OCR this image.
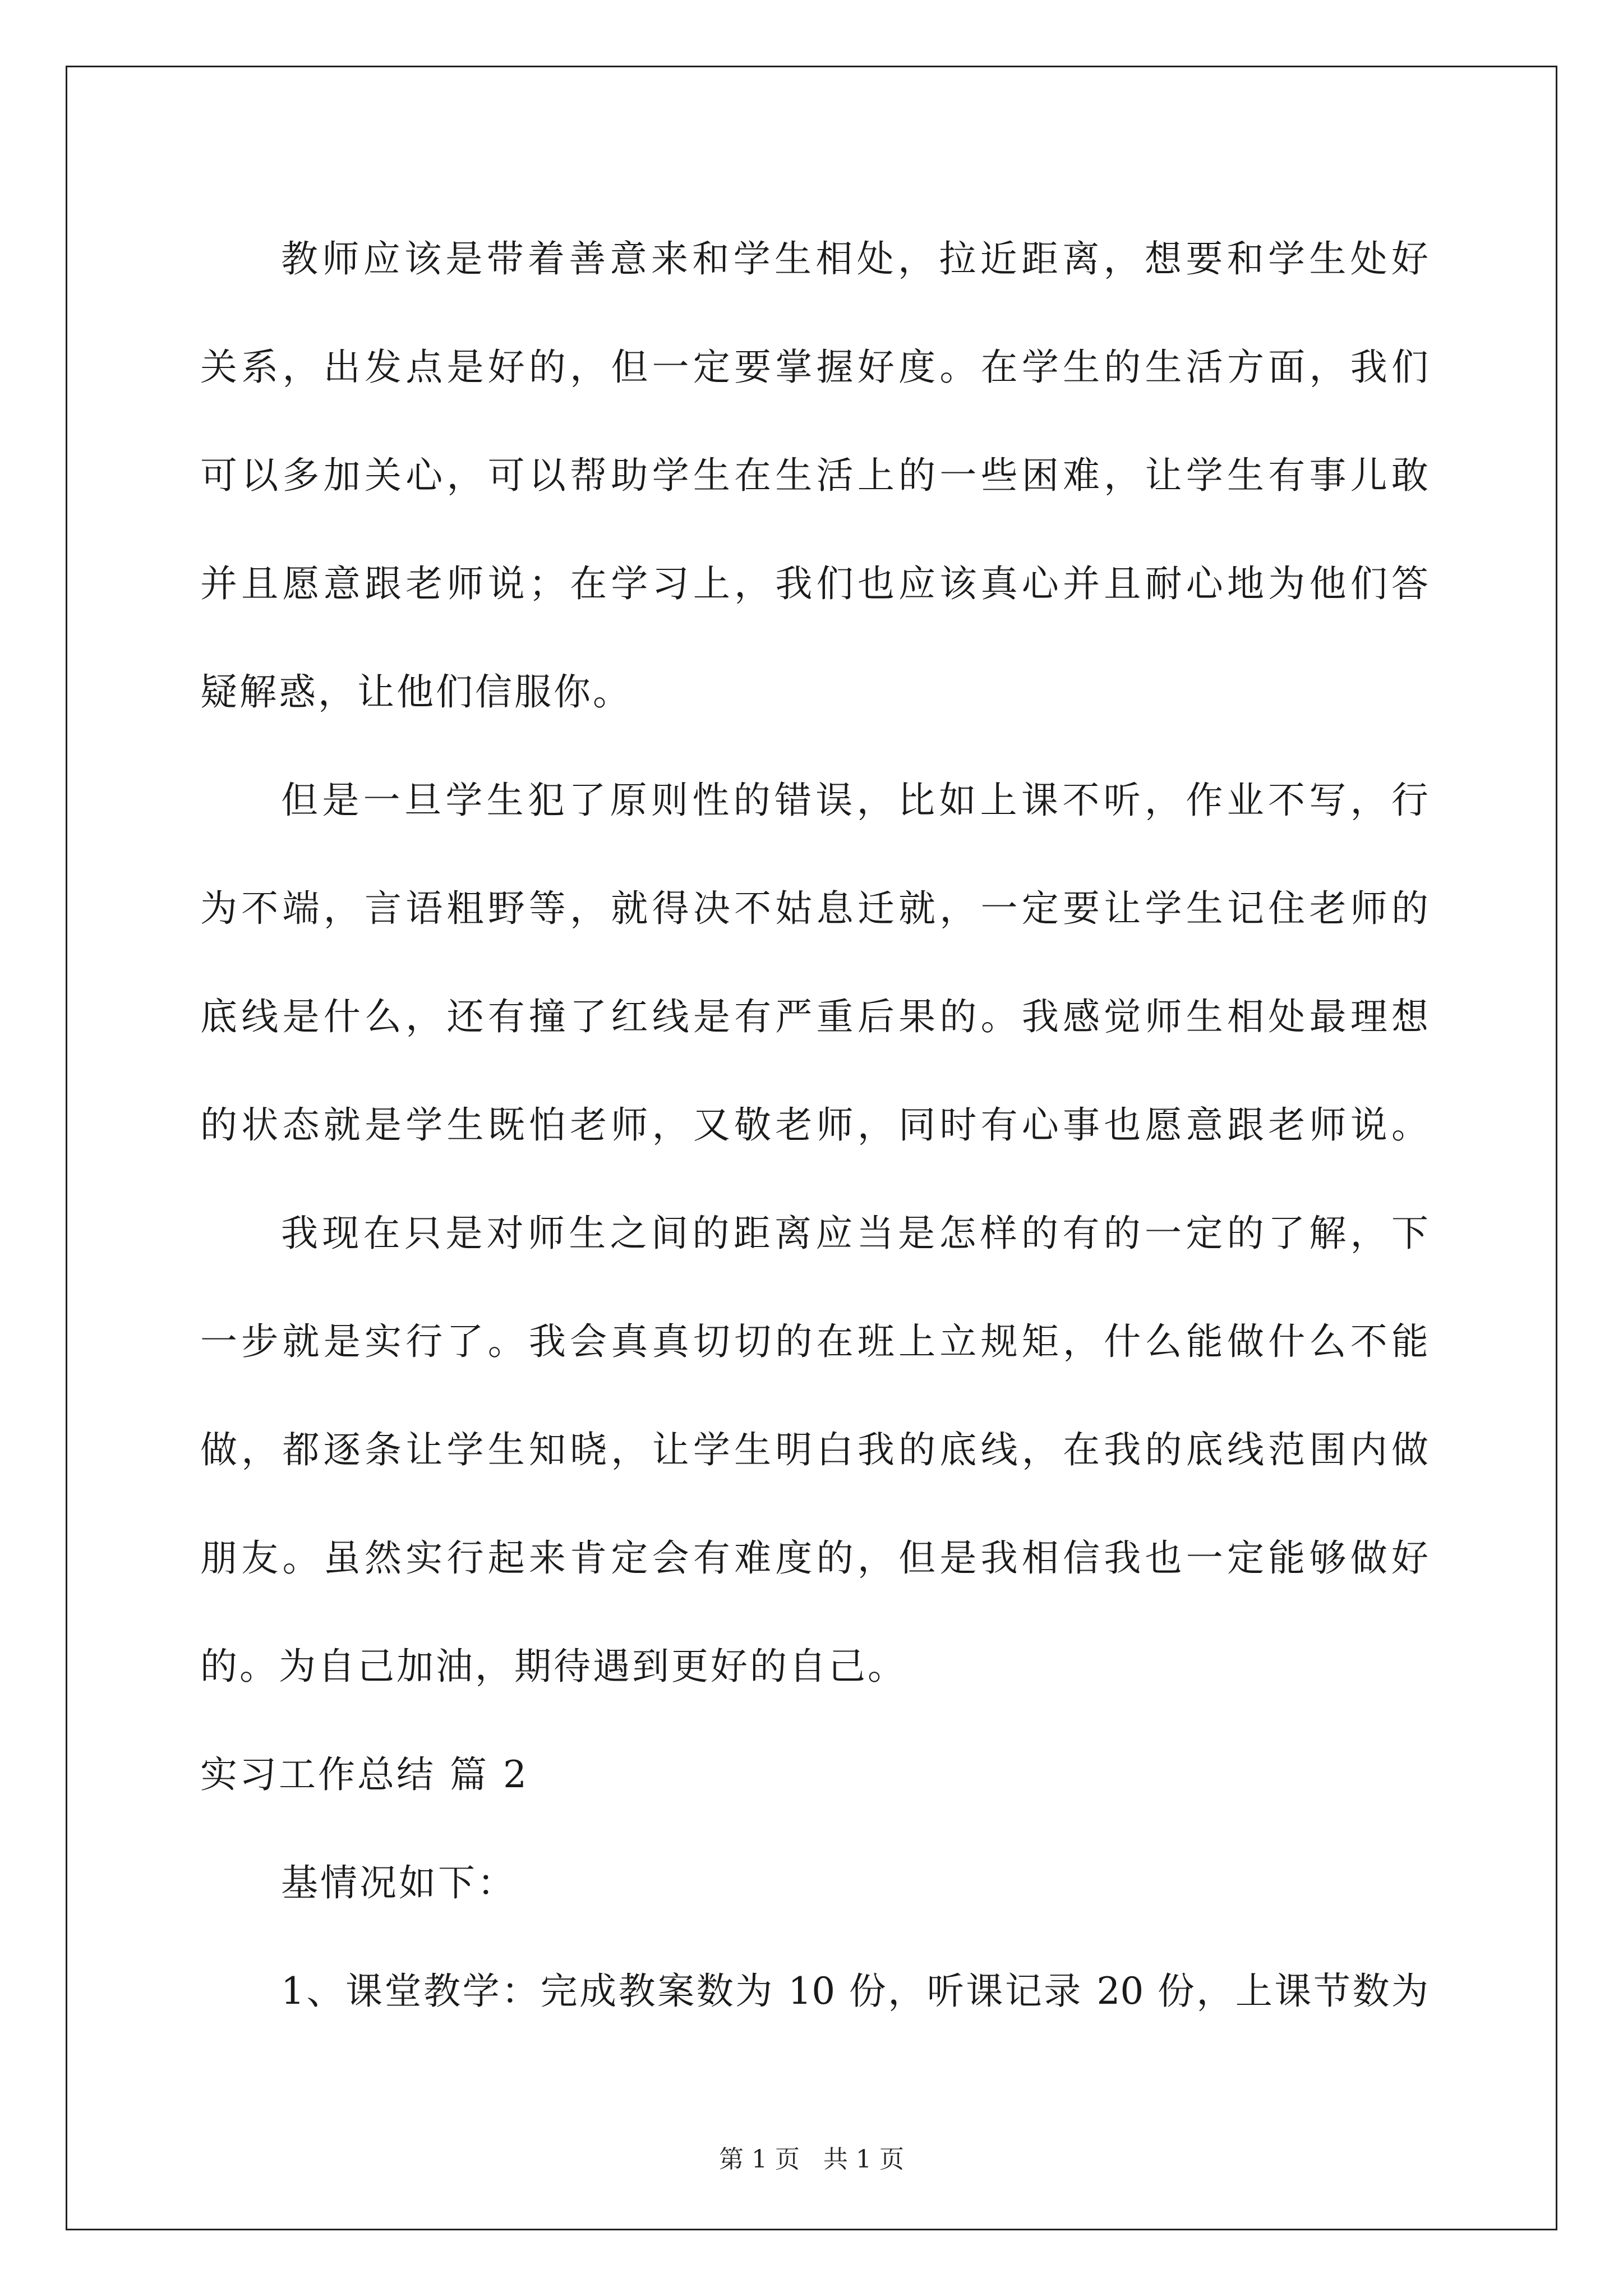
教师应该是带着善意来和学生相处，拉近距离，想要和学生处好
关系，出发点是好的，但一定要掌握好度。在学生的生活方面，我们
可以多加关心，可以帮助学生在生活上的一些困难，让学生有事儿敢
并且愿意跟老师说；在学习上，我们也应该真心并且耐心地为他们答
疑解惑，让他们信服你。
但是一旦学生犯了原则性的错误，比如上课不听，作业不写，行
为不端，言语粗野等，就得决不姑息迁就，一定要让学生记住老师的
底线是什么，还有撞了红线是有严重后果的。我感觉师生相处最理想
的状态就是学生既怕老师，又敬老师，同时有心事也愿意跟老师说。
我现在只是对师生之间的距离应当是怎样的有的一定的了解，下
一步就是实行了。我会真真切切的在班上立规矩，什么能做什么不能
做，都逐条让学生知晓，让学生明白我的底线，在我的底线范围内做
朋友。虽然实行起来肯定会有难度的，但是我相信我也一定能够做好
的。为自己加油，期待遇到更好的自己。
实习工作总结 篇 2
基情况如下：
1、课堂教学：完成教案数为 10 份，听课记录 20 份，上课节数为
第 1 页 共 1 页
